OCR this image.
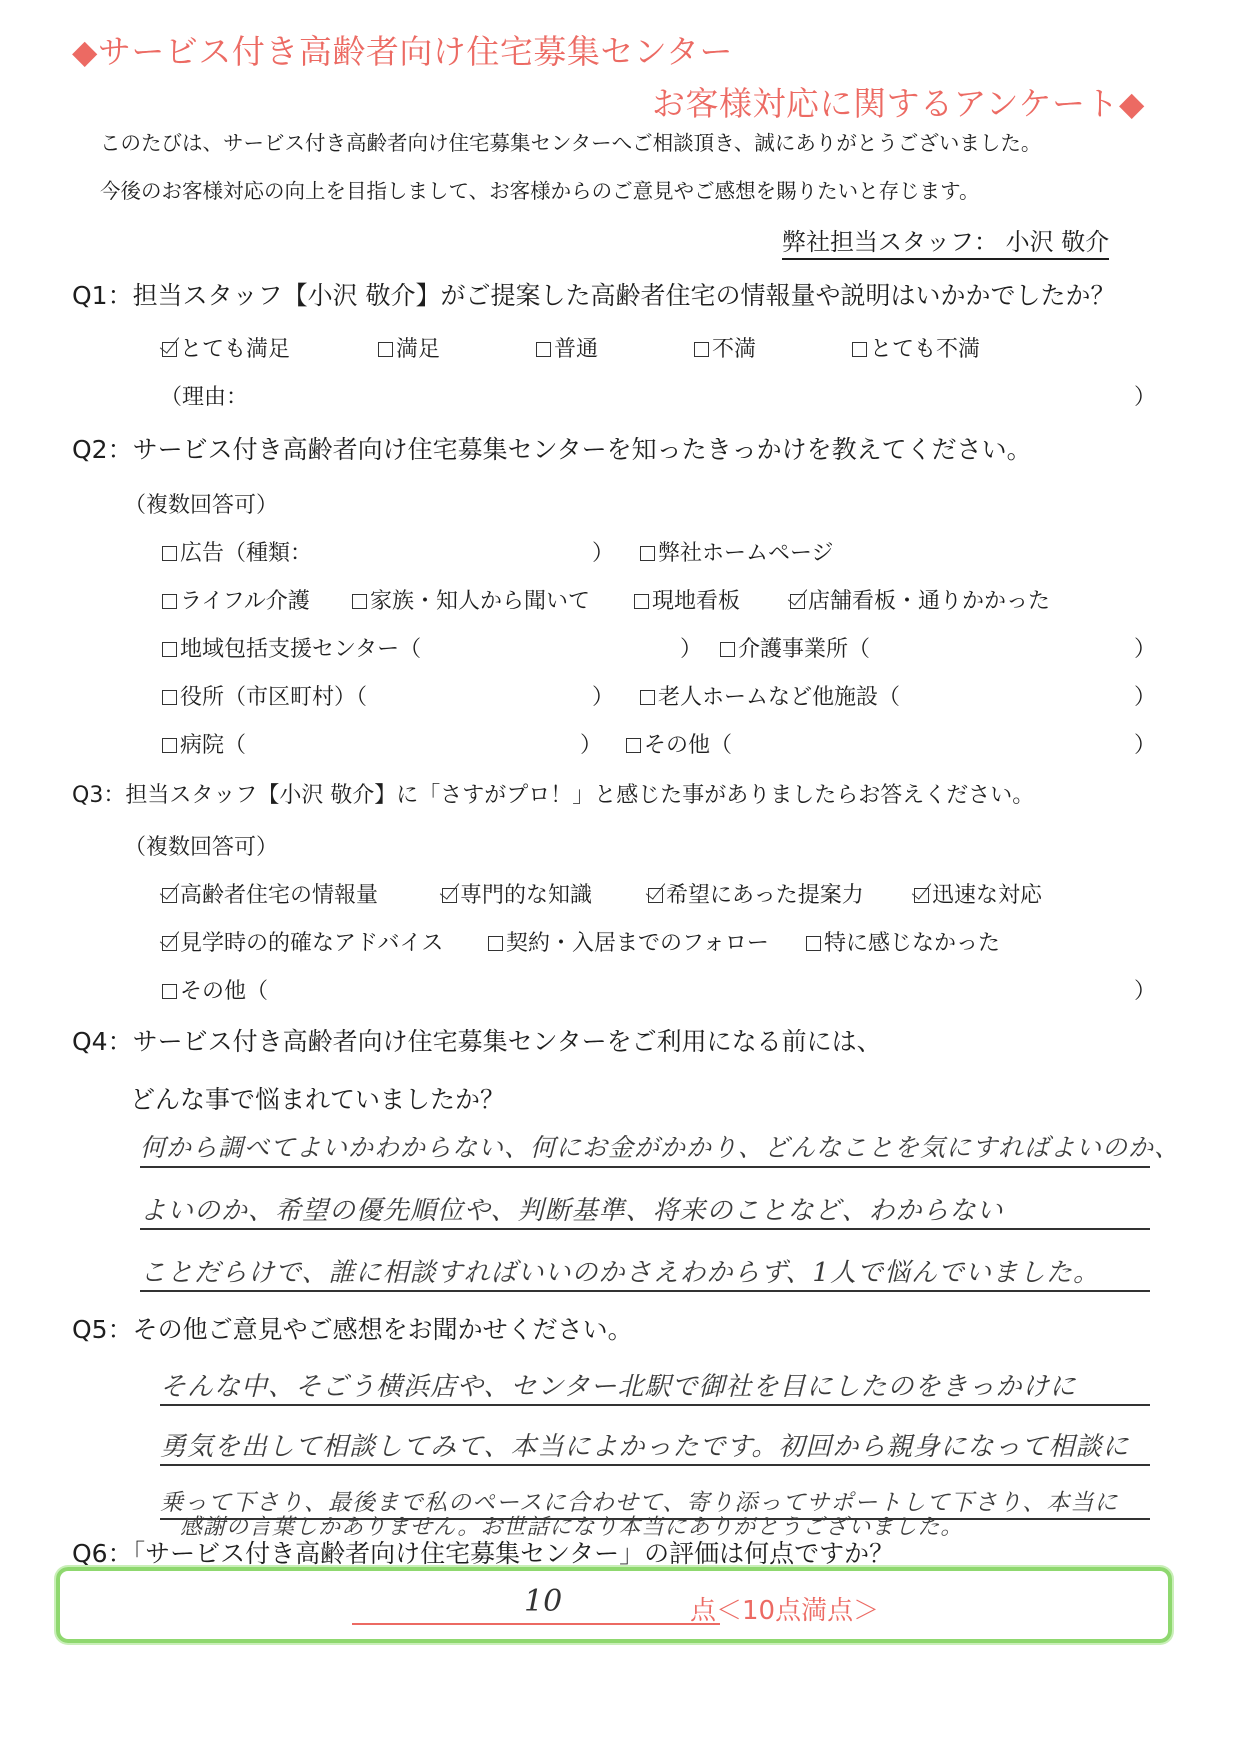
◆サービス付き高齢者向け住宅募集センター
お客様対応に関するアンケート◆
このたびは、サービス付き高齢者向け住宅募集センターへご相談頂き、誠にありがとうございました。
今後のお客様対応の向上を目指しまして、お客様からのご意見やご感想を賜りたいと存じます。
弊社担当スタッフ： 小沢 敬介
Q1：担当スタッフ【小沢 敬介】がご提案した高齢者住宅の情報量や説明はいかかでしたか？
とても満足	満足	普通	不満	とても不満
（理由：	）
Q2：サービス付き高齢者向け住宅募集センターを知ったきっかけを教えてください。
（複数回答可）
広告（種類：	）	弊社ホームページ
ライフル介護	家族・知人から聞いて	現地看板	店舗看板・通りかかった
地域包括支援センター（	）	介護事業所（	）
役所（市区町村）（	）	老人ホームなど他施設（	）
病院（	）	その他（	）
Q3：担当スタッフ【小沢 敬介】に「さすがプロ！」と感じた事がありましたらお答えください。
（複数回答可）
高齢者住宅の情報量	専門的な知識	希望にあった提案力	迅速な対応
見学時の的確なアドバイス	契約・入居までのフォロー	特に感じなかった
その他（	）
Q4：サービス付き高齢者向け住宅募集センターをご利用になる前には、
どんな事で悩まれていましたか？
何から調べてよいかわからない、何にお金がかかり、どんなことを気にすればよいのか、
よいのか、希望の優先順位や、判断基準、将来のことなど、わからない
ことだらけで、誰に相談すればいいのかさえわからず、1人で悩んでいました。
Q5：その他ご意見やご感想をお聞かせください。
そんな中、そごう横浜店や、センター北駅で御社を目にしたのをきっかけに
勇気を出して相談してみて、本当によかったです。初回から親身になって相談に
乗って下さり、最後まで私のペースに合わせて、寄り添ってサポートして下さり、本当に
感謝の言葉しかありません。お世話になり本当にありがとうございました。
Q6：「サービス付き高齢者向け住宅募集センター」の評価は何点ですか？
10	点＜10点満点＞
